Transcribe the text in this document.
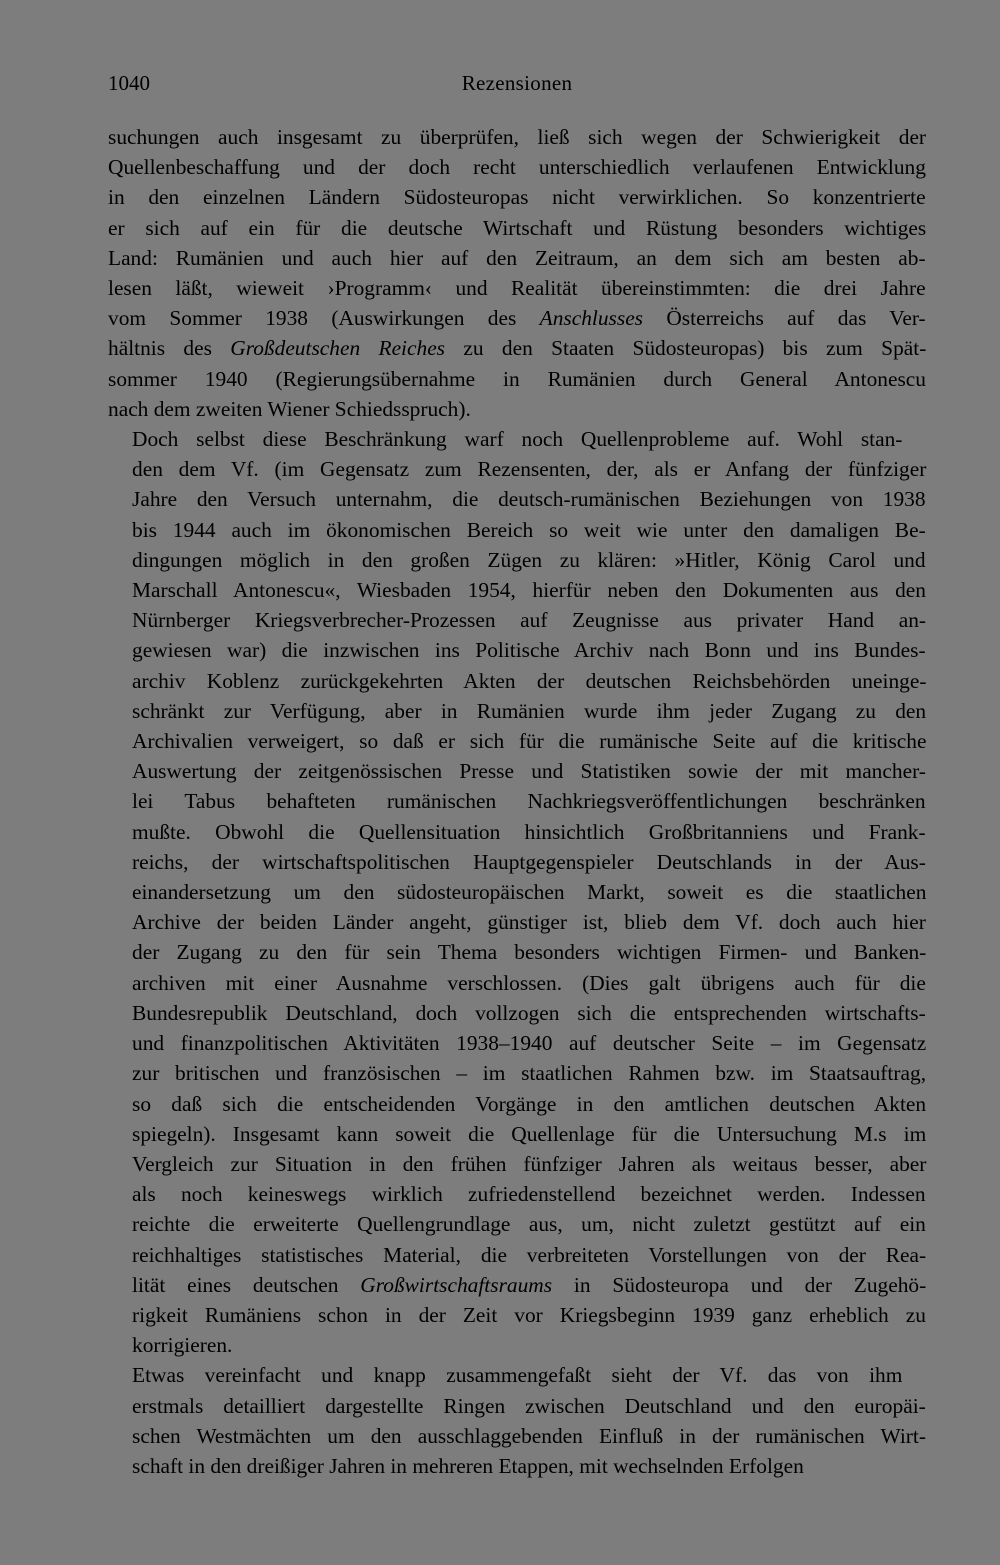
1040	Rezensionen

suchungen auch insgesamt zu überprüfen, ließ sich wegen der Schwierigkeit der
Quellenbeschaffung und der doch recht unterschiedlich verlaufenen Entwicklung
in den einzelnen Ländern Südosteuropas nicht verwirklichen. So konzentrierte
er sich auf ein für die deutsche Wirtschaft und Rüstung besonders wichtiges
Land: Rumänien und auch hier auf den Zeitraum, an dem sich am besten ab-
lesen läßt, wieweit ›Programm‹ und Realität übereinstimmten: die drei Jahre
vom Sommer 1938 (Auswirkungen des Anschlusses Österreichs auf das Ver-
hältnis des Großdeutschen Reiches zu den Staaten Südosteuropas) bis zum Spät-
sommer 1940 (Regierungsübernahme in Rumänien durch General Antonescu
nach dem zweiten Wiener Schiedsspruch).

Doch selbst diese Beschränkung warf noch Quellenprobleme auf. Wohl stan-
den dem Vf. (im Gegensatz zum Rezensenten, der, als er Anfang der fünfziger
Jahre den Versuch unternahm, die deutsch-rumänischen Beziehungen von 1938
bis 1944 auch im ökonomischen Bereich so weit wie unter den damaligen Be-
dingungen möglich in den großen Zügen zu klären: »Hitler, König Carol und
Marschall Antonescu«, Wiesbaden 1954, hierfür neben den Dokumenten aus den
Nürnberger Kriegsverbrecher-Prozessen auf Zeugnisse aus privater Hand an-
gewiesen war) die inzwischen ins Politische Archiv nach Bonn und ins Bundes-
archiv Koblenz zurückgekehrten Akten der deutschen Reichsbehörden uneinge-
schränkt zur Verfügung, aber in Rumänien wurde ihm jeder Zugang zu den
Archivalien verweigert, so daß er sich für die rumänische Seite auf die kritische
Auswertung der zeitgenössischen Presse und Statistiken sowie der mit mancher-
lei Tabus behafteten rumänischen Nachkriegsveröffentlichungen beschränken
mußte. Obwohl die Quellensituation hinsichtlich Großbritanniens und Frank-
reichs, der wirtschaftspolitischen Hauptgegenspieler Deutschlands in der Aus-
einandersetzung um den südosteuropäischen Markt, soweit es die staatlichen
Archive der beiden Länder angeht, günstiger ist, blieb dem Vf. doch auch hier
der Zugang zu den für sein Thema besonders wichtigen Firmen- und Banken-
archiven mit einer Ausnahme verschlossen. (Dies galt übrigens auch für die
Bundesrepublik Deutschland, doch vollzogen sich die entsprechenden wirtschafts-
und finanzpolitischen Aktivitäten 1938–1940 auf deutscher Seite – im Gegensatz
zur britischen und französischen – im staatlichen Rahmen bzw. im Staatsauftrag,
so daß sich die entscheidenden Vorgänge in den amtlichen deutschen Akten
spiegeln). Insgesamt kann soweit die Quellenlage für die Untersuchung M.s im
Vergleich zur Situation in den frühen fünfziger Jahren als weitaus besser, aber
als noch keineswegs wirklich zufriedenstellend bezeichnet werden. Indessen
reichte die erweiterte Quellengrundlage aus, um, nicht zuletzt gestützt auf ein
reichhaltiges statistisches Material, die verbreiteten Vorstellungen von der Rea-
lität eines deutschen Großwirtschaftsraums in Südosteuropa und der Zugehö-
rigkeit Rumäniens schon in der Zeit vor Kriegsbeginn 1939 ganz erheblich zu
korrigieren.

Etwas vereinfacht und knapp zusammengefaßt sieht der Vf. das von ihm
erstmals detailliert dargestellte Ringen zwischen Deutschland und den europäi-
schen Westmächten um den ausschlaggebenden Einfluß in der rumänischen Wirt-
schaft in den dreißiger Jahren in mehreren Etappen, mit wechselnden Erfolgen
